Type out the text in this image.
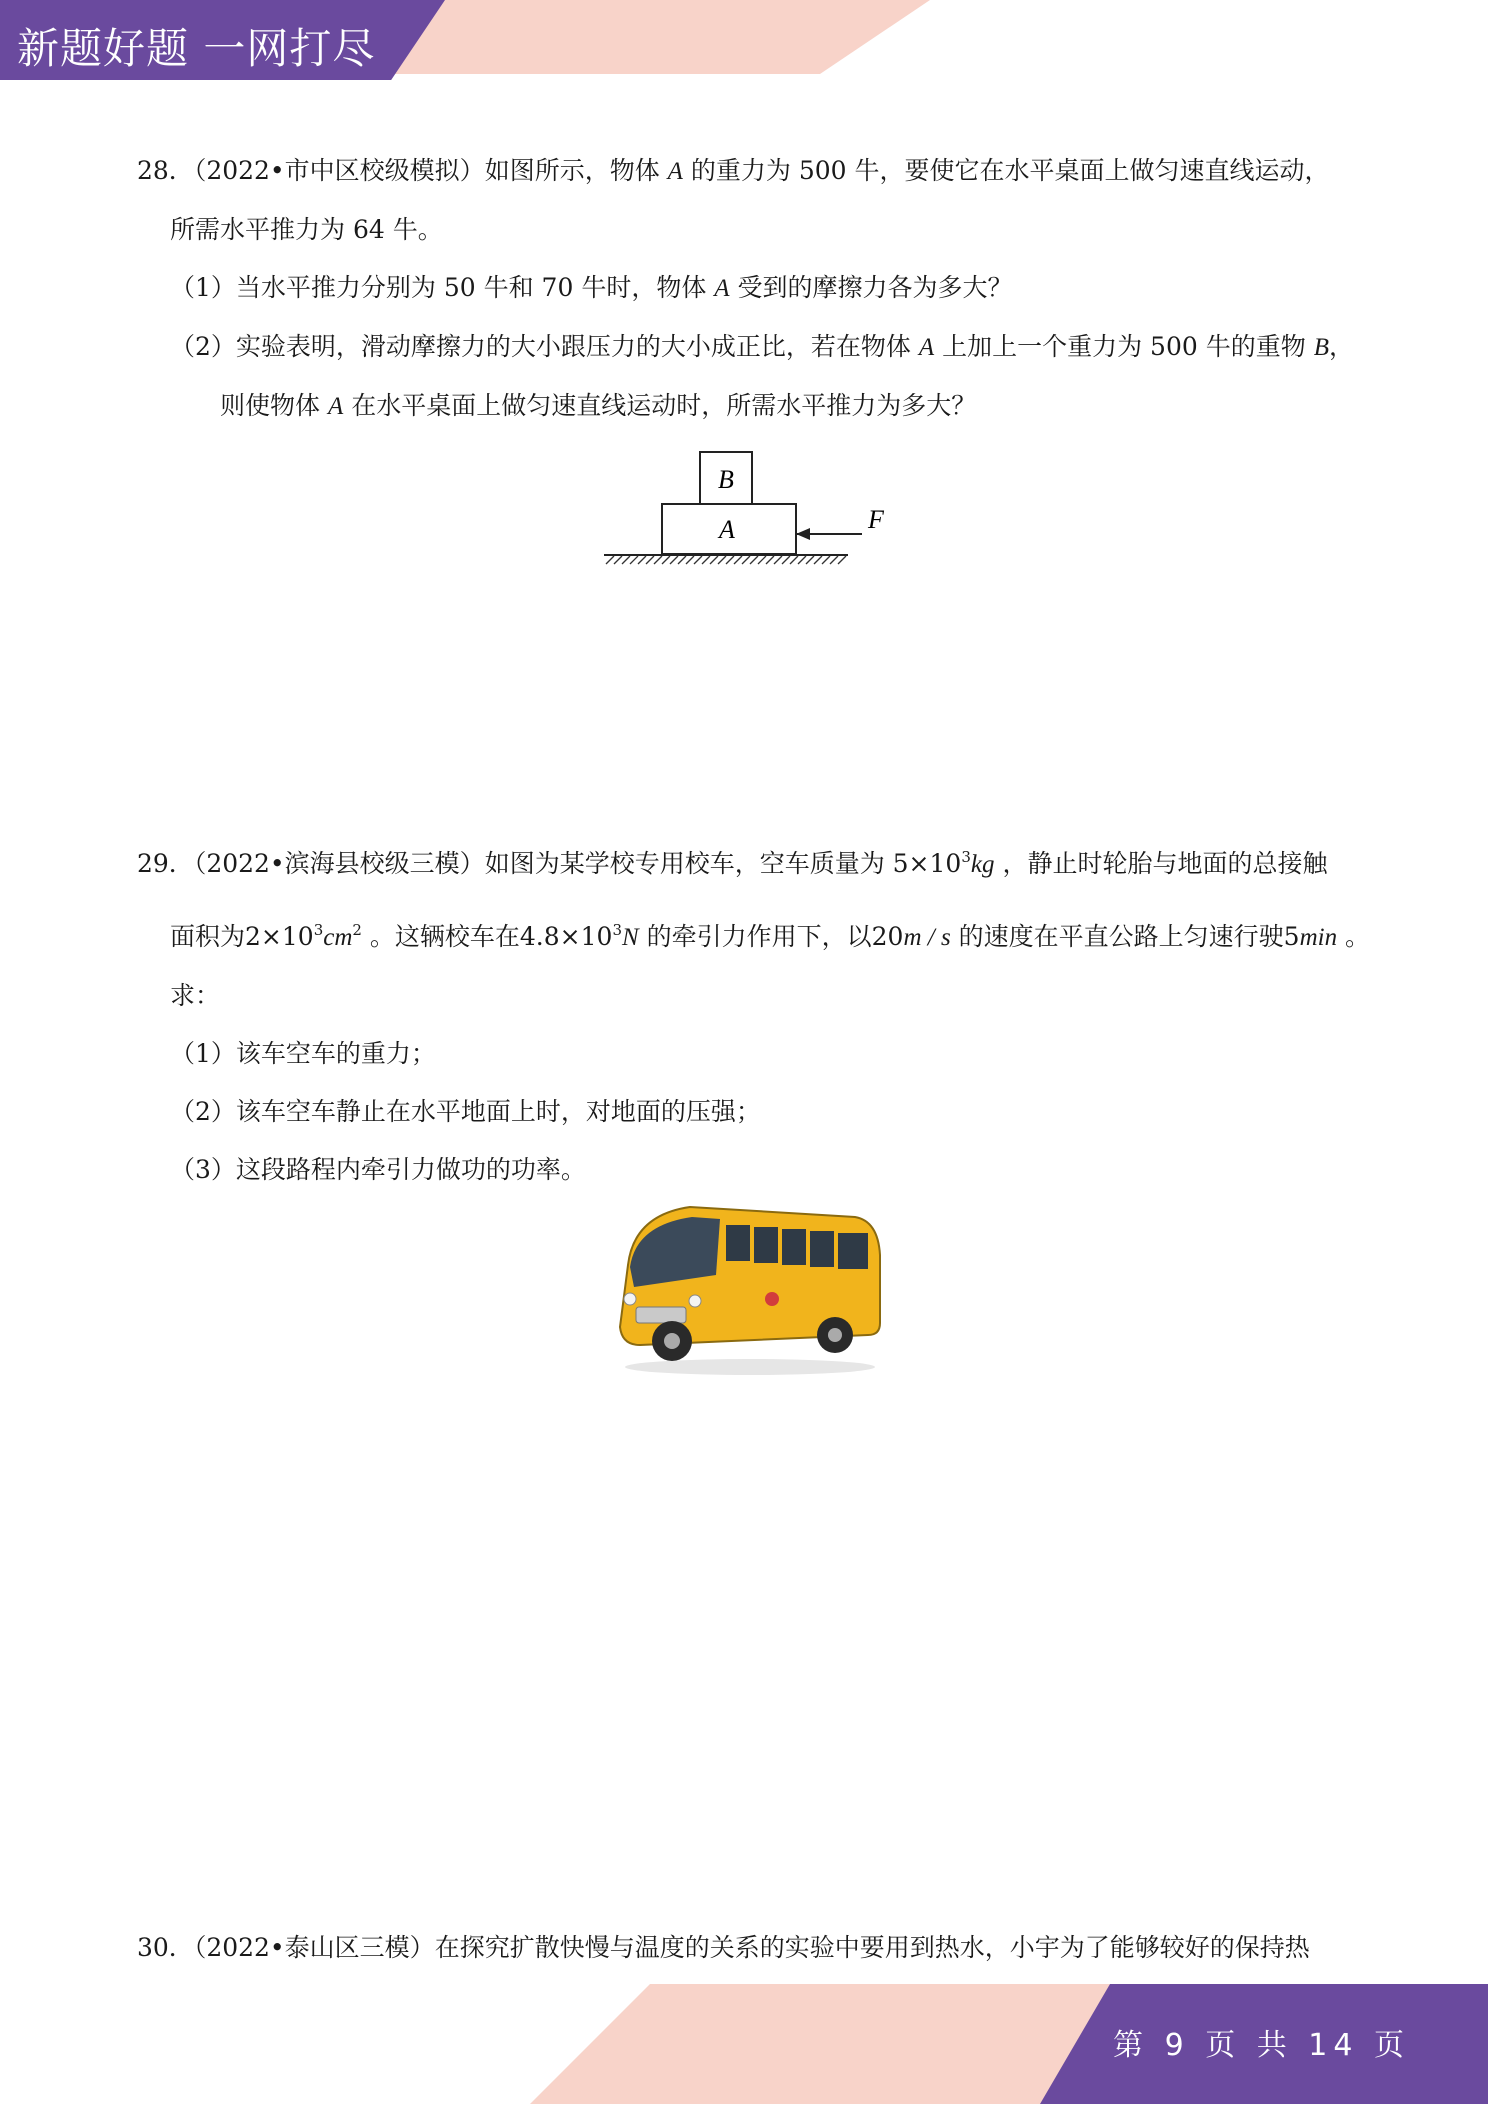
新题好题 一网打尽
28．（2022•市中区校级模拟）如图所示，物体 A 的重力为 500 牛，要使它在水平桌面上做匀速直线运动，
所需水平推力为 64 牛。
（1）当水平推力分别为 50 牛和 70 牛时，物体 A 受到的摩擦力各为多大？
（2）实验表明，滑动摩擦力的大小跟压力的大小成正比，若在物体 A 上加上一个重力为 500 牛的重物 B，
则使物体 A 在水平桌面上做匀速直线运动时，所需水平推力为多大？
B
A	F
29．（2022•滨海县校级三模）如图为某学校专用校车，空车质量为 $5\times 10^3kg$ ，静止时轮胎与地面的总接触
面积为$2\times 10^3cm^2$ 。这辆校车在$4.8\times 10^3N$ 的牵引力作用下，以20m / s 的速度在平直公路上匀速行驶5min 。
求：
（1）该车空车的重力；
（2）该车空车静止在水平地面上时，对地面的压强；
（3）这段路程内牵引力做功的功率。
30．（2022•泰山区三模）在探究扩散快慢与温度的关系的实验中要用到热水，小宇为了能够较好的保持热
第 9 页 共 14 页
